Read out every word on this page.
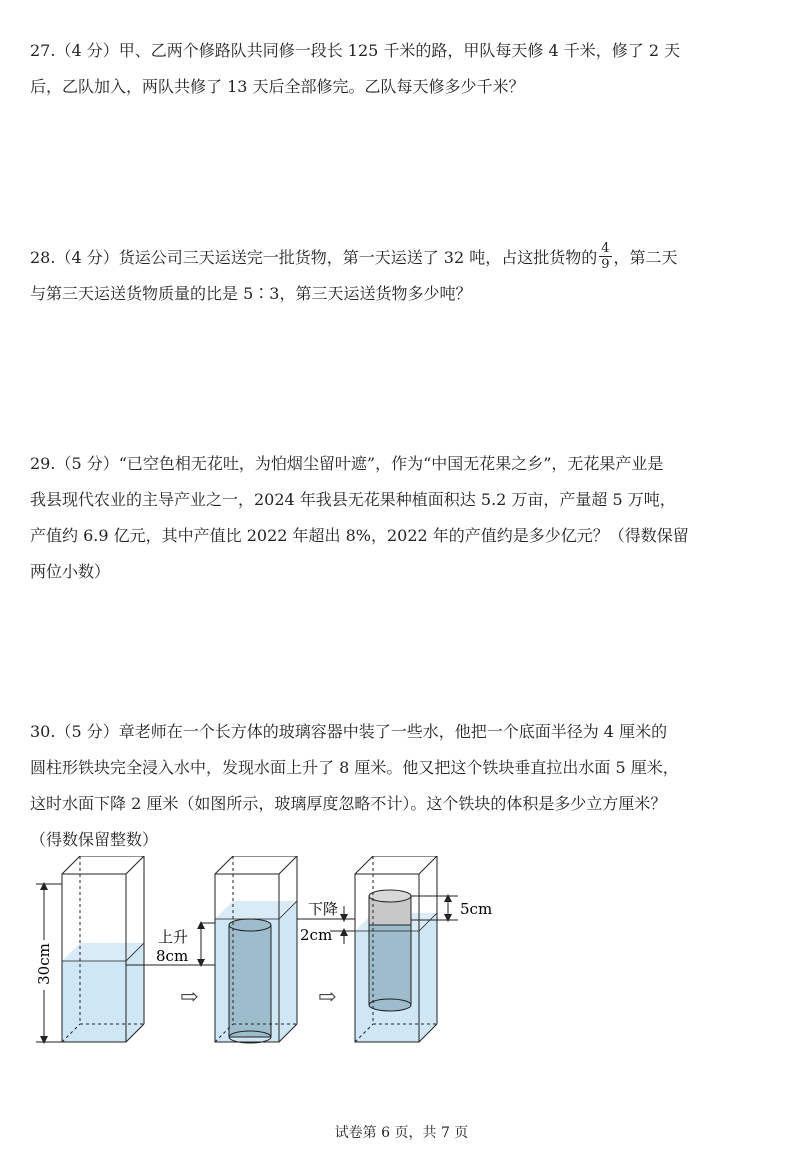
27.（4 分）甲、乙两个修路队共同修一段长 125 千米的路，甲队每天修 4 千米，修了 2 天

后，乙队加入，两队共修了 13 天后全部修完。乙队每天修多少千米？

28.（4 分）货运公司三天运送完一批货物，第一天运送了 32 吨，占这批货物的 $\frac{4}{9}$ ，第二天

与第三天运送货物质量的比是 5∶3，第三天运送货物多少吨？

29.（5 分）“已空色相无花吐，为怕烟尘留叶遮”，作为“中国无花果之乡”，无花果产业是

我县现代农业的主导产业之一，2024 年我县无花果种植面积达 5.2 万亩，产量超 5 万吨，

产值约 6.9 亿元，其中产值比 2022 年超出 8%，2022 年的产值约是多少亿元？（得数保留

两位小数）

30.（5 分）章老师在一个长方体的玻璃容器中装了一些水，他把一个底面半径为 4 厘米的

圆柱形铁块完全浸入水中，发现水面上升了 8 厘米。他又把这个铁块垂直拉出水面 5 厘米，

这时水面下降 2 厘米（如图所示，玻璃厚度忽略不计）。这个铁块的体积是多少立方厘米？

（得数保留整数）

30cm
上升
8cm
⇨	⇨
下降
2cm
5cm
试卷第 6 页，共 7 页
